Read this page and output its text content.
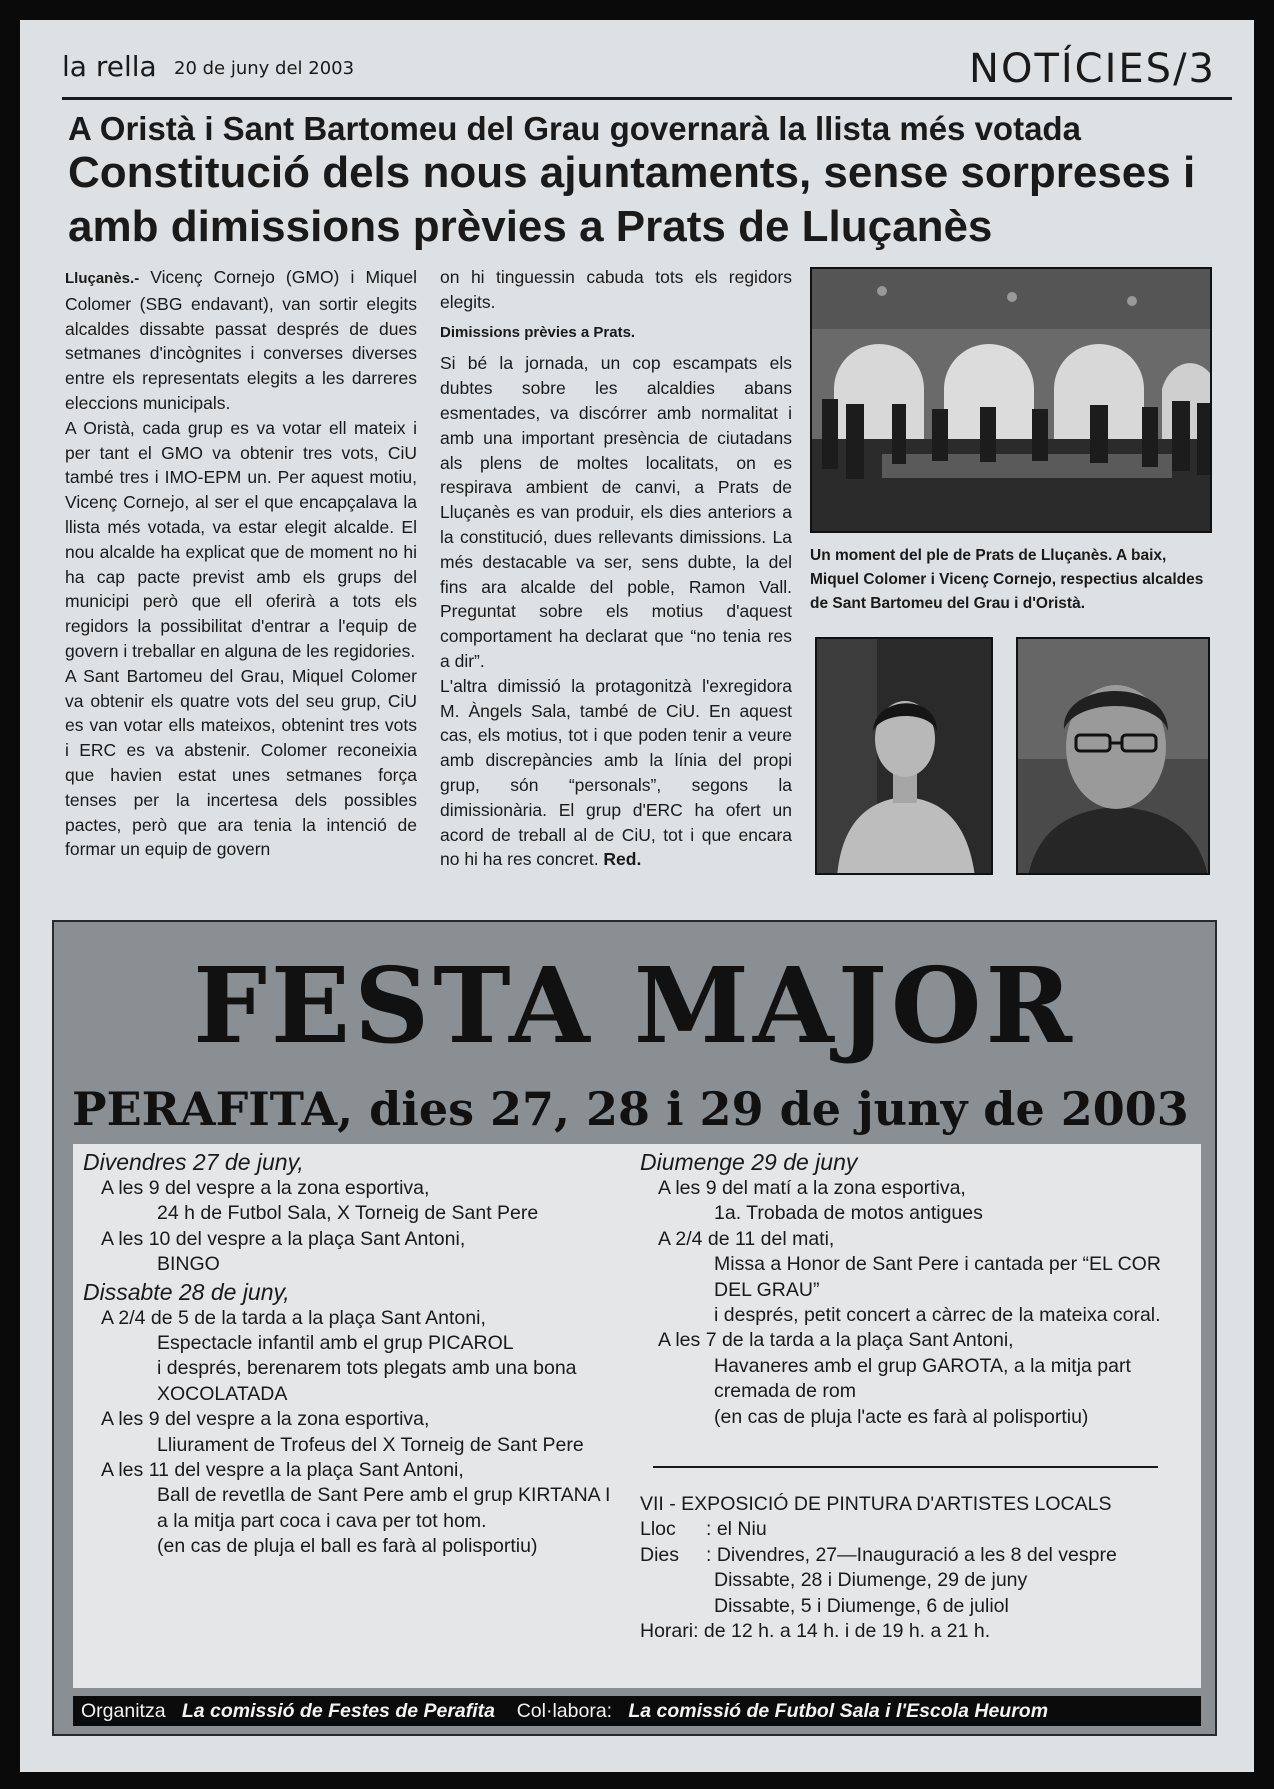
la rella 20 de juny del 2003	NOTÍCIES/3
A Oristà i Sant Bartomeu del Grau governarà la llista més votada
Constitució dels nous ajuntaments, sense sorpreses i amb dimissions prèvies a Prats de Lluçanès

Lluçanès.- Vicenç Cornejo (GMO) i Miquel Colomer (SBG endavant), van sortir elegits alcaldes dissabte passat després de dues setmanes d'incògnites i converses diverses entre els representats elegits a les darreres eleccions municipals.

A Oristà, cada grup es va votar ell mateix i per tant el GMO va obtenir tres vots, CiU també tres i IMO-EPM un. Per aquest motiu, Vicenç Cornejo, al ser el que encapçalava la llista més votada, va estar elegit alcalde. El nou alcalde ha explicat que de moment no hi ha cap pacte previst amb els grups del municipi però que ell oferirà a tots els regidors la possibilitat d'entrar a l'equip de govern i treballar en alguna de les regidories.

A Sant Bartomeu del Grau, Miquel Colomer va obtenir els quatre vots del seu grup, CiU es van votar ells mateixos, obtenint tres vots i ERC es va abstenir. Colomer reconeixia que havien estat unes setmanes força tenses per la incertesa dels possibles pactes, però que ara tenia la intenció de formar un equip de govern

on hi tinguessin cabuda tots els regidors elegits.

Dimissions prèvies a Prats.

Si bé la jornada, un cop escampats els dubtes sobre les alcaldies abans esmentades, va discórrer amb normalitat i amb una important presència de ciutadans als plens de moltes localitats, on es respirava ambient de canvi, a Prats de Lluçanès es van produir, els dies anteriors a la constitució, dues rellevants dimissions. La més destacable va ser, sens dubte, la del fins ara alcalde del poble, Ramon Vall. Preguntat sobre els motius d'aquest comportament ha declarat que “no tenia res a dir”.

L'altra dimissió la protagonitzà l'exregidora M. Àngels Sala, també de CiU. En aquest cas, els motius, tot i que poden tenir a veure amb discrepàncies amb la línia del propi grup, són “personals”, segons la dimissionària. El grup d'ERC ha ofert un acord de treball al de CiU, tot i que encara no hi ha res concret. Red.

Un moment del ple de Prats de Lluçanès. A baix, Miquel Colomer i Vicenç Cornejo, respectius alcaldes de Sant Bartomeu del Grau i d'Oristà.
FESTA MAJOR
PERAFITA, dies 27, 28 i 29 de juny de 2003
Divendres 27 de juny,
A les 9 del vespre a la zona esportiva,
24 h de Futbol Sala, X Torneig de Sant Pere
A les 10 del vespre a la plaça Sant Antoni,
BINGO
Dissabte 28 de juny,
A 2/4 de 5 de la tarda a la plaça Sant Antoni,
Espectacle infantil amb el grup PICAROL
i després, berenarem tots plegats amb una bona XOCOLATADA
A les 9 del vespre a la zona esportiva,
Lliurament de Trofeus del X Torneig de Sant Pere
A les 11 del vespre a la plaça Sant Antoni,
Ball de revetlla de Sant Pere amb el grup KIRTANA I a la mitja part coca i cava per tot hom.
(en cas de pluja el ball es farà al polisportiu)
Diumenge 29 de juny
A les 9 del matí a la zona esportiva,
1a. Trobada de motos antigues
A 2/4 de 11 del mati,
Missa a Honor de Sant Pere i cantada per “EL COR DEL GRAU”
i després, petit concert a càrrec de la mateixa coral.
A les 7 de la tarda a la plaça Sant Antoni,
Havaneres amb el grup GAROTA, a la mitja part cremada de rom
(en cas de pluja l'acte es farà al polisportiu)
VII - EXPOSICIÓ DE PINTURA D'ARTISTES LOCALS
Lloc	: el Niu
Dies	: Divendres, 27—Inauguració a les 8 del vespre
Dissabte, 28 i Diumenge, 29 de juny
Dissabte, 5 i Diumenge, 6 de juliol
Horari: de 12 h. a 14 h. i de 19 h. a 21 h.
Organitza La comissió de Festes de Perafita Col·labora: La comissió de Futbol Sala i l'Escola Heurom
